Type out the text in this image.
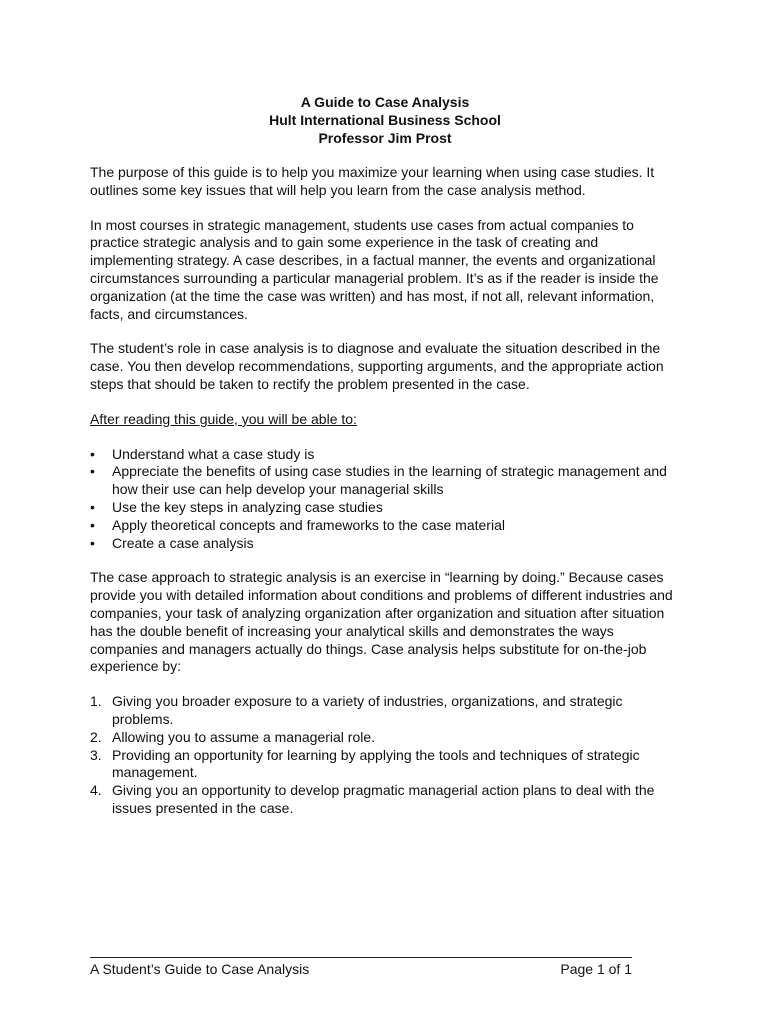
A Guide to Case Analysis
Hult International Business School
Professor Jim Prost

The purpose of this guide is to help you maximize your learning when using case studies. It outlines some key issues that will help you learn from the case analysis method.

In most courses in strategic management, students use cases from actual companies to practice strategic analysis and to gain some experience in the task of creating and implementing strategy. A case describes, in a factual manner, the events and organizational circumstances surrounding a particular managerial problem. It’s as if the reader is inside the organization (at the time the case was written) and has most, if not all, relevant information, facts, and circumstances.

The student’s role in case analysis is to diagnose and evaluate the situation described in the case. You then develop recommendations, supporting arguments, and the appropriate action steps that should be taken to rectify the problem presented in the case.

After reading this guide, you will be able to:

• Understand what a case study is
• Appreciate the benefits of using case studies in the learning of strategic management and how their use can help develop your managerial skills
• Use the key steps in analyzing case studies
• Apply theoretical concepts and frameworks to the case material
• Create a case analysis

The case approach to strategic analysis is an exercise in “learning by doing.” Because cases provide you with detailed information about conditions and problems of different industries and companies, your task of analyzing organization after organization and situation after situation has the double benefit of increasing your analytical skills and demonstrates the ways companies and managers actually do things. Case analysis helps substitute for on-the-job experience by:

1. Giving you broader exposure to a variety of industries, organizations, and strategic problems.
2. Allowing you to assume a managerial role.
3. Providing an opportunity for learning by applying the tools and techniques of strategic management.
4. Giving you an opportunity to develop pragmatic managerial action plans to deal with the issues presented in the case.
A Student’s Guide to Case Analysis	Page 1 of 1
